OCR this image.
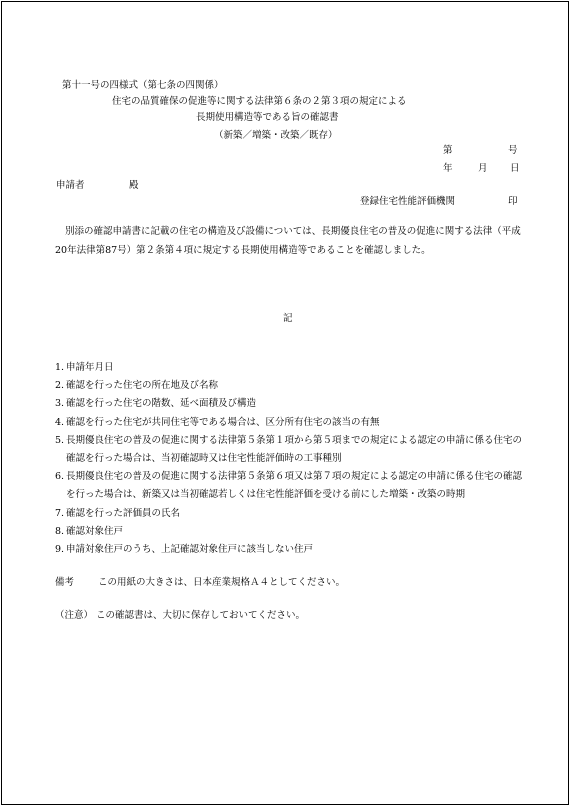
第十一号の四様式（第七条の四関係）
住宅の品質確保の促進等に関する法律第６条の２第３項の規定による
長期使用構造等である旨の確認書
（新築／増築・改築／既存）
第	号
年	月 日
申請者	殿
登録住宅性能評価機関	印
別添の確認申請書に記載の住宅の構造及び設備については、長期優良住宅の普及の促進に関する法律（平成20年法律第87号）第２条第４項に規定する長期使用構造等であることを確認しました。
記
1. 申請年月日
2. 確認を行った住宅の所在地及び名称
3. 確認を行った住宅の階数、延べ面積及び構造
4. 確認を行った住宅が共同住宅等である場合は、区分所有住宅の該当の有無
5. 長期優良住宅の普及の促進に関する法律第５条第１項から第５項までの規定による認定の申請に係る住宅の確認を行った場合は、当初確認時又は住宅性能評価時の工事種別
6. 長期優良住宅の普及の促進に関する法律第５条第６項又は第７項の規定による認定の申請に係る住宅の確認を行った場合は、新築又は当初確認若しくは住宅性能評価を受ける前にした増築・改築の時期
7. 確認を行った評価員の氏名
8. 確認対象住戸
9. 申請対象住戸のうち、上記確認対象住戸に該当しない住戸
備考	この用紙の大きさは、日本産業規格Ａ４としてください。
（注意） この確認書は、大切に保存しておいてください。
